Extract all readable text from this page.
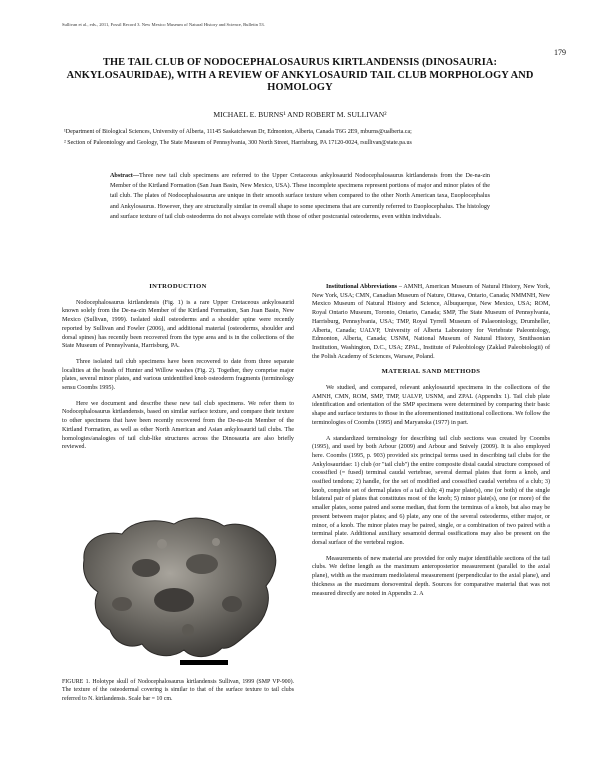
Sullivan et al., eds., 2011, Fossil Record 3. New Mexico Museum of Natural History and Science, Bulletin 53.
179
THE TAIL CLUB OF NODOCEPHALOSAURUS KIRTLANDENSIS (DINOSAURIA: ANKYLOSAURIDAE), WITH A REVIEW OF ANKYLOSAURID TAIL CLUB MORPHOLOGY AND HOMOLOGY
MICHAEL E. BURNS¹ AND ROBERT M. SULLIVAN²
¹Department of Biological Sciences, University of Alberta, 11145 Saskatchewan Dr, Edmonton, Alberta, Canada T6G 2E9, mburns@ualberta.ca;
² Section of Paleontology and Geology, The State Museum of Pennsylvania, 300 North Street, Harrisburg, PA 17120-0024, rsullivan@state.pa.us
Abstract—Three new tail club specimens are referred to the Upper Cretaceous ankylosaurid Nodocephalosaurus kirtlandensis from the De-na-zin Member of the Kirtland Formation (San Juan Basin, New Mexico, USA). These incomplete specimens represent portions of major and minor plates of the tail club. The plates of Nodocephalosaurus are unique in their smooth surface texture when compared to the other North American taxa, Euoplocephalus and Ankylosaurus. However, they are structurally similar in overall shape to some specimens that are currently referred to Euoplocephalus. The histology and surface texture of tail club osteoderms do not always correlate with those of other postcranial osteoderms, even within individuals.
INTRODUCTION

Nodocephalosaurus kirtlandensis (Fig. 1) is a rare Upper Cretaceous ankylosaurid known solely from the De-na-zin Member of the Kirtland Formation, San Juan Basin, New Mexico (Sullivan, 1999). Isolated skull osteoderms and a shoulder spine were recently reported by Sullivan and Fowler (2006), and additional material (osteoderms, shoulder and dorsal spines) has recently been recovered from the type area and is in the collections of the State Museum of Pennsylvania, Harrisburg, PA.

Three isolated tail club specimens have been recovered to date from three separate localities at the heads of Hunter and Willow washes (Fig. 2). Together, they comprise major plates, several minor plates, and various unidentified knob osteoderm fragments (terminology sensu Coombs 1995).

Here we document and describe these new tail club specimens. We refer them to Nodocephalosaurus kirtlandensis, based on similar surface texture, and compare their texture to other specimens that have been recently recovered from the De-na-zin Member of the Kirtland Formation, as well as other North American and Asian ankylosaurid tail clubs. The homologies/analogies of tail club-like structures across the Dinosauria are also briefly reviewed.

FIGURE 1. Holotype skull of Nodocephalosaurus kirtlandensis Sullivan, 1999 (SMP VP-900). The texture of the osteodermal covering is similar to that of the surface texture to tail clubs referred to N. kirtlandensis. Scale bar = 10 cm.

Institutional Abbreviations – AMNH, American Museum of Natural History, New York, New York, USA; CMN, Canadian Museum of Nature, Ottawa, Ontario, Canada; NMMNH, New Mexico Museum of Natural History and Science, Albuquerque, New Mexico, USA; ROM, Royal Ontario Museum, Toronto, Ontario, Canada; SMP, The State Museum of Pennsylvania, Harrisburg, Pennsylvania, USA; TMP, Royal Tyrrell Museum of Palaeontology, Drumheller, Alberta, Canada; UALVP, University of Alberta Laboratory for Vertebrate Paleontology, Edmonton, Alberta, Canada; USNM, National Museum of Natural History, Smithsonian Institution, Washington, D.C., USA; ZPAL, Institute of Paleobiology (Zaklad Paleobiologii) of the Polish Academy of Sciences, Warsaw, Poland.

MATERIAL SAND METHODS

We studied, and compared, relevant ankylosaurid specimens in the collections of the AMNH, CMN, ROM, SMP, TMP, UALVP, USNM, and ZPAL (Appendix 1). Tail club plate identification and orientation of the SMP specimens were determined by comparing their basic shape and surface textures to those in the aforementioned institutional collections. We follow the terminologies of Coombs (1995) and Maryanska (1977) in part.

A standardized terminology for describing tail club sections was created by Coombs (1995), and used by both Arbour (2009) and Arbour and Snively (2009). It is also employed here. Coombs (1995, p. 903) provided six principal terms used in describing tail clubs for the Ankylosauridae: 1) club (or "tail club") the entire composite distal caudal structure composed of coossified (= fused) terminal caudal vertebrae, several dermal plates that form a knob, and ossified tendons; 2) handle, for the set of modified and coossified caudal vertebra of a club; 3) knob, complete set of dermal plates of a tail club; 4) major plate(s), one (or both) of the single bilateral pair of plates that constitutes most of the knob; 5) minor plate(s), one (or more) of the smaller plates, some paired and some median, that form the terminus of a knob, but also may be present between major plates; and 6) plate, any one of the several osteoderms, either major, or minor, of a knob. The minor plates may be paired, single, or a combination of two paired with a terminal plate. Additional auxiliary sesamoid dermal ossifications may also be present on the dorsal surface of the vertebral region.

Measurements of new material are provided for only major identifiable sections of the tail clubs. We define length as the maximum anteroposterior measurement (parallel to the axial plane), width as the maximum mediolateral measurement (perpendicular to the axial plane), and thickness as the maximum dorsoventral depth. Sources for comparative material that was not measured directly are noted in Appendix 2. A
